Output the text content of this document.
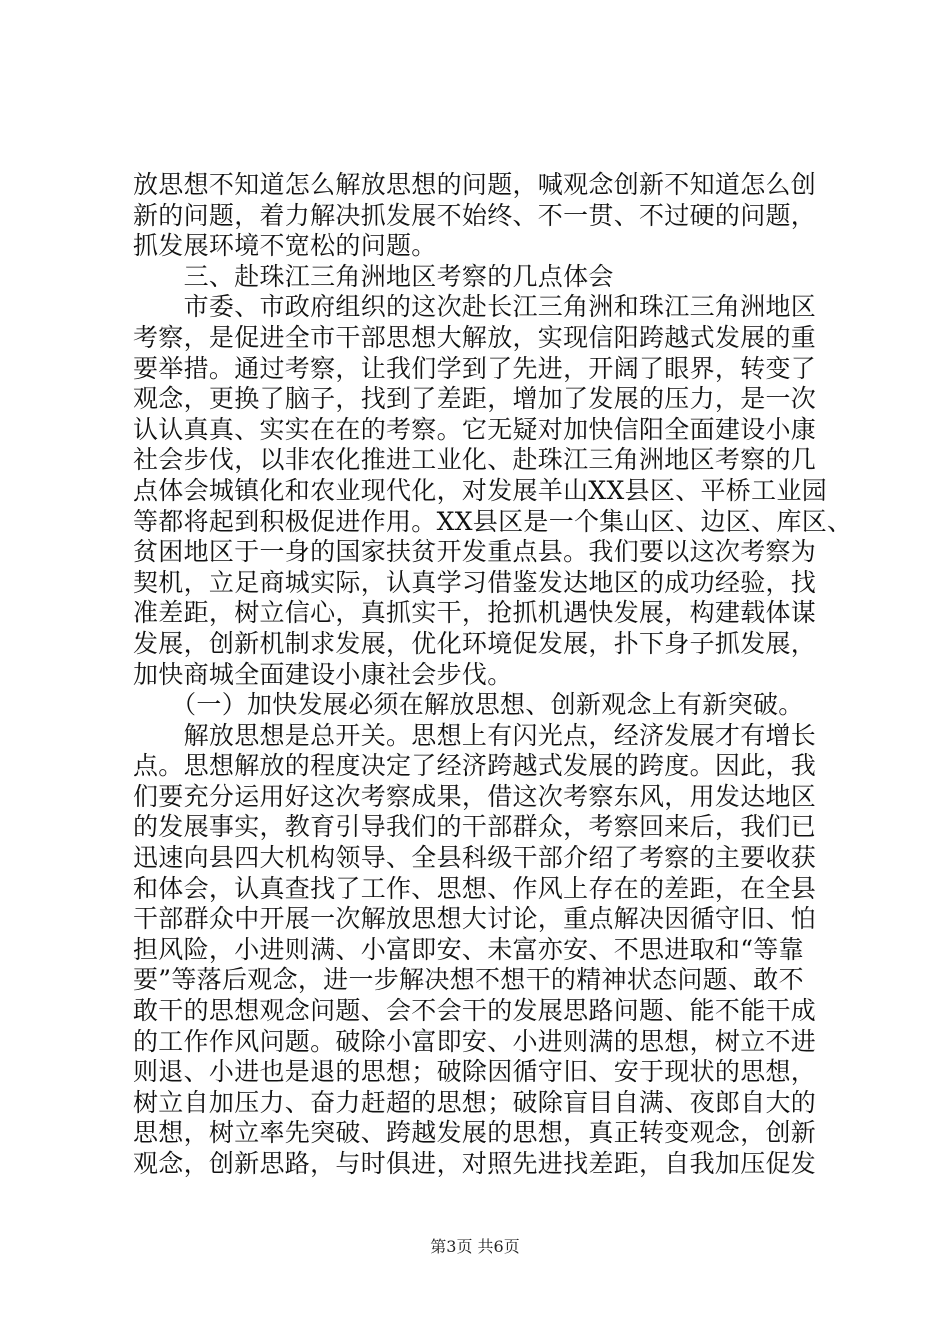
放思想不知道怎么解放思想的问题，喊观念创新不知道怎么创
新的问题，着力解决抓发展不始终、不一贯、不过硬的问题，
抓发展环境不宽松的问题。
　　三、赴珠江三角洲地区考察的几点体会
　　市委、市政府组织的这次赴长江三角洲和珠江三角洲地区
考察，是促进全市干部思想大解放，实现信阳跨越式发展的重
要举措。通过考察，让我们学到了先进，开阔了眼界，转变了
观念，更换了脑子，找到了差距，增加了发展的压力，是一次
认认真真、实实在在的考察。它无疑对加快信阳全面建设小康
社会步伐，以非农化推进工业化、赴珠江三角洲地区考察的几
点体会城镇化和农业现代化，对发展羊山XX县区、平桥工业园
等都将起到积极促进作用。XX县区是一个集山区、边区、库区、
贫困地区于一身的国家扶贫开发重点县。我们要以这次考察为
契机，立足商城实际，认真学习借鉴发达地区的成功经验，找
准差距，树立信心，真抓实干，抢抓机遇快发展，构建载体谋
发展，创新机制求发展，优化环境促发展，扑下身子抓发展，
加快商城全面建设小康社会步伐。
　　（一）加快发展必须在解放思想、创新观念上有新突破。
　　解放思想是总开关。思想上有闪光点，经济发展才有增长
点。思想解放的程度决定了经济跨越式发展的跨度。因此，我
们要充分运用好这次考察成果，借这次考察东风，用发达地区
的发展事实，教育引导我们的干部群众，考察回来后，我们已
迅速向县四大机构领导、全县科级干部介绍了考察的主要收获
和体会，认真查找了工作、思想、作风上存在的差距，在全县
干部群众中开展一次解放思想大讨论，重点解决因循守旧、怕
担风险，小进则满、小富即安、未富亦安、不思进取和“等靠
要”等落后观念，进一步解决想不想干的精神状态问题、敢不
敢干的思想观念问题、会不会干的发展思路问题、能不能干成
的工作作风问题。破除小富即安、小进则满的思想，树立不进
则退、小进也是退的思想；破除因循守旧、安于现状的思想，
树立自加压力、奋力赶超的思想；破除盲目自满、夜郎自大的
思想，树立率先突破、跨越发展的思想，真正转变观念，创新
观念，创新思路，与时俱进，对照先进找差距，自我加压促发
第3页 共6页
